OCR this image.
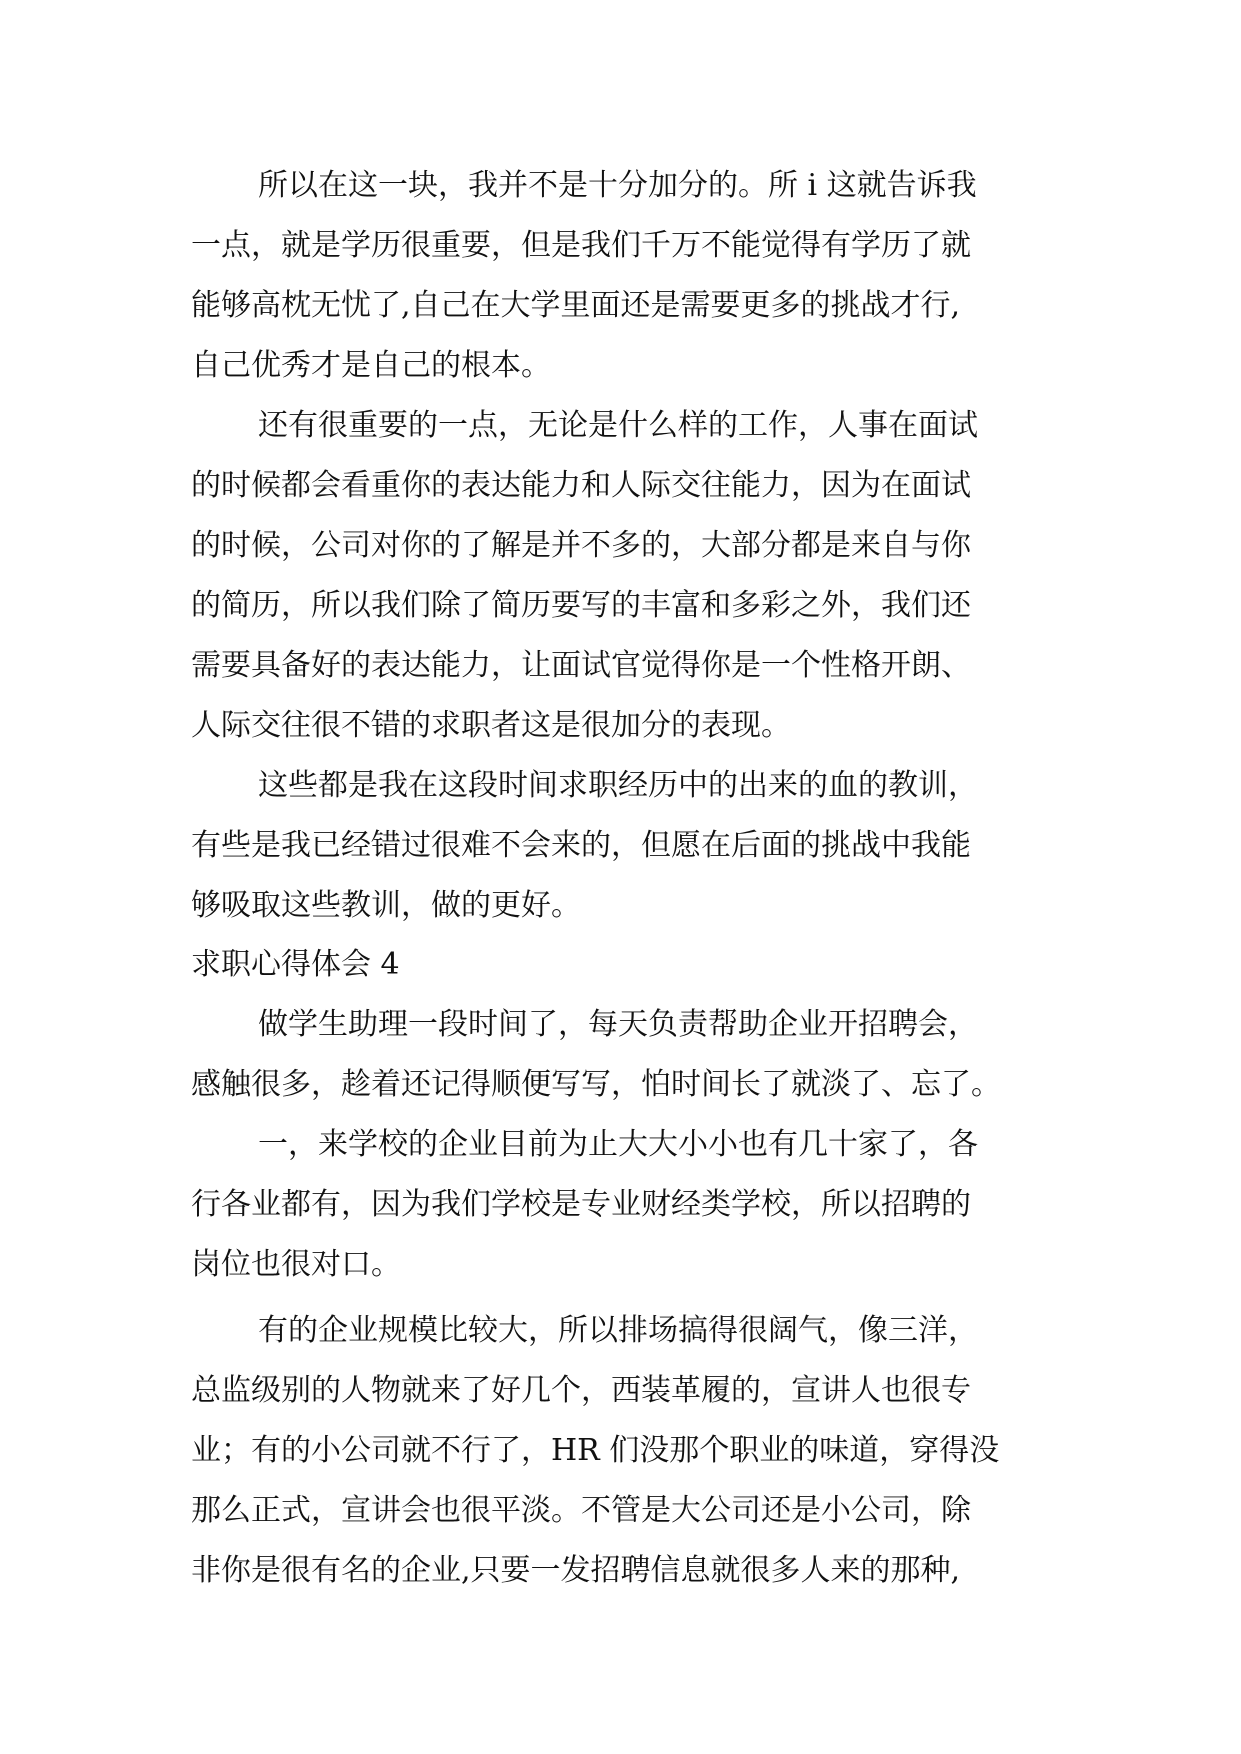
所以在这一块，我并不是十分加分的。所 i 这就告诉我
一点，就是学历很重要，但是我们千万不能觉得有学历了就
能够高枕无忧了,自己在大学里面还是需要更多的挑战才行,
自己优秀才是自己的根本。
还有很重要的一点，无论是什么样的工作，人事在面试
的时候都会看重你的表达能力和人际交往能力，因为在面试
的时候，公司对你的了解是并不多的，大部分都是来自与你
的简历，所以我们除了简历要写的丰富和多彩之外，我们还
需要具备好的表达能力，让面试官觉得你是一个性格开朗、
人际交往很不错的求职者这是很加分的表现。
这些都是我在这段时间求职经历中的出来的血的教训，
有些是我已经错过很难不会来的，但愿在后面的挑战中我能
够吸取这些教训，做的更好。
求职心得体会 4
做学生助理一段时间了，每天负责帮助企业开招聘会，
感触很多，趁着还记得顺便写写，怕时间长了就淡了、忘了。
一，来学校的企业目前为止大大小小也有几十家了，各
行各业都有，因为我们学校是专业财经类学校，所以招聘的
岗位也很对口。
有的企业规模比较大，所以排场搞得很阔气，像三洋，
总监级别的人物就来了好几个，西装革履的，宣讲人也很专
业；有的小公司就不行了，HR 们没那个职业的味道，穿得没
那么正式，宣讲会也很平淡。不管是大公司还是小公司，除
非你是很有名的企业,只要一发招聘信息就很多人来的那种,
